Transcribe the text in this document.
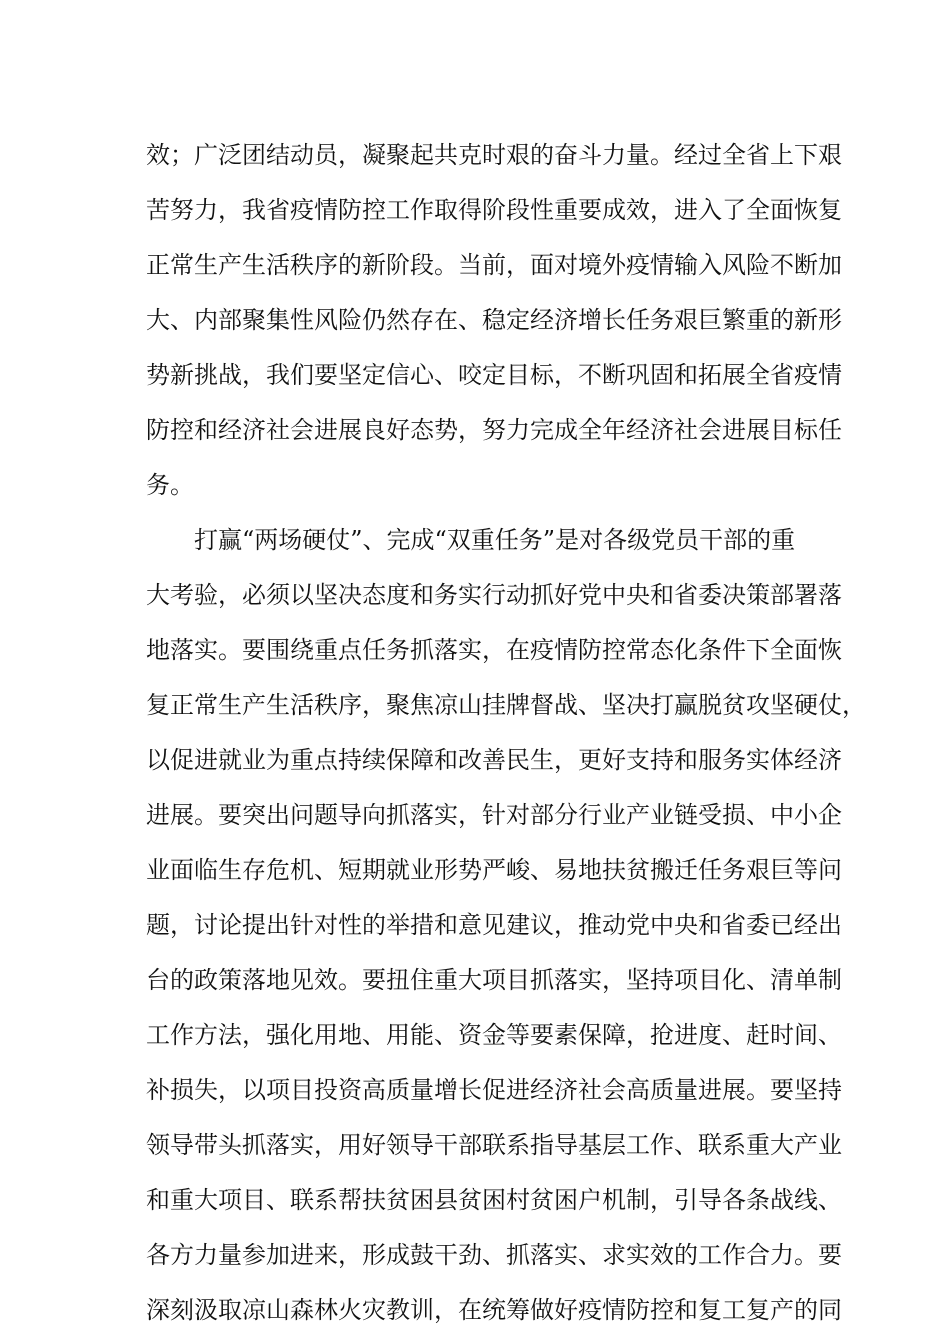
效；广泛团结动员，凝聚起共克时艰的奋斗力量。经过全省上下艰
苦努力，我省疫情防控工作取得阶段性重要成效，进入了全面恢复
正常生产生活秩序的新阶段。当前，面对境外疫情输入风险不断加
大、内部聚集性风险仍然存在、稳定经济增长任务艰巨繁重的新形
势新挑战，我们要坚定信心、咬定目标，不断巩固和拓展全省疫情
防控和经济社会进展良好态势，努力完成全年经济社会进展目标任
务。
打赢“两场硬仗”、完成“双重任务”是对各级党员干部的重
大考验，必须以坚决态度和务实行动抓好党中央和省委决策部署落
地落实。要围绕重点任务抓落实，在疫情防控常态化条件下全面恢
复正常生产生活秩序，聚焦凉山挂牌督战、坚决打赢脱贫攻坚硬仗，
以促进就业为重点持续保障和改善民生，更好支持和服务实体经济
进展。要突出问题导向抓落实，针对部分行业产业链受损、中小企
业面临生存危机、短期就业形势严峻、易地扶贫搬迁任务艰巨等问
题，讨论提出针对性的举措和意见建议，推动党中央和省委已经出
台的政策落地见效。要扭住重大项目抓落实，坚持项目化、清单制
工作方法，强化用地、用能、资金等要素保障，抢进度、赶时间、
补损失，以项目投资高质量增长促进经济社会高质量进展。要坚持
领导带头抓落实，用好领导干部联系指导基层工作、联系重大产业
和重大项目、联系帮扶贫困县贫困村贫困户机制，引导各条战线、
各方力量参加进来，形成鼓干劲、抓落实、求实效的工作合力。要
深刻汲取凉山森林火灾教训，在统筹做好疫情防控和复工复产的同
